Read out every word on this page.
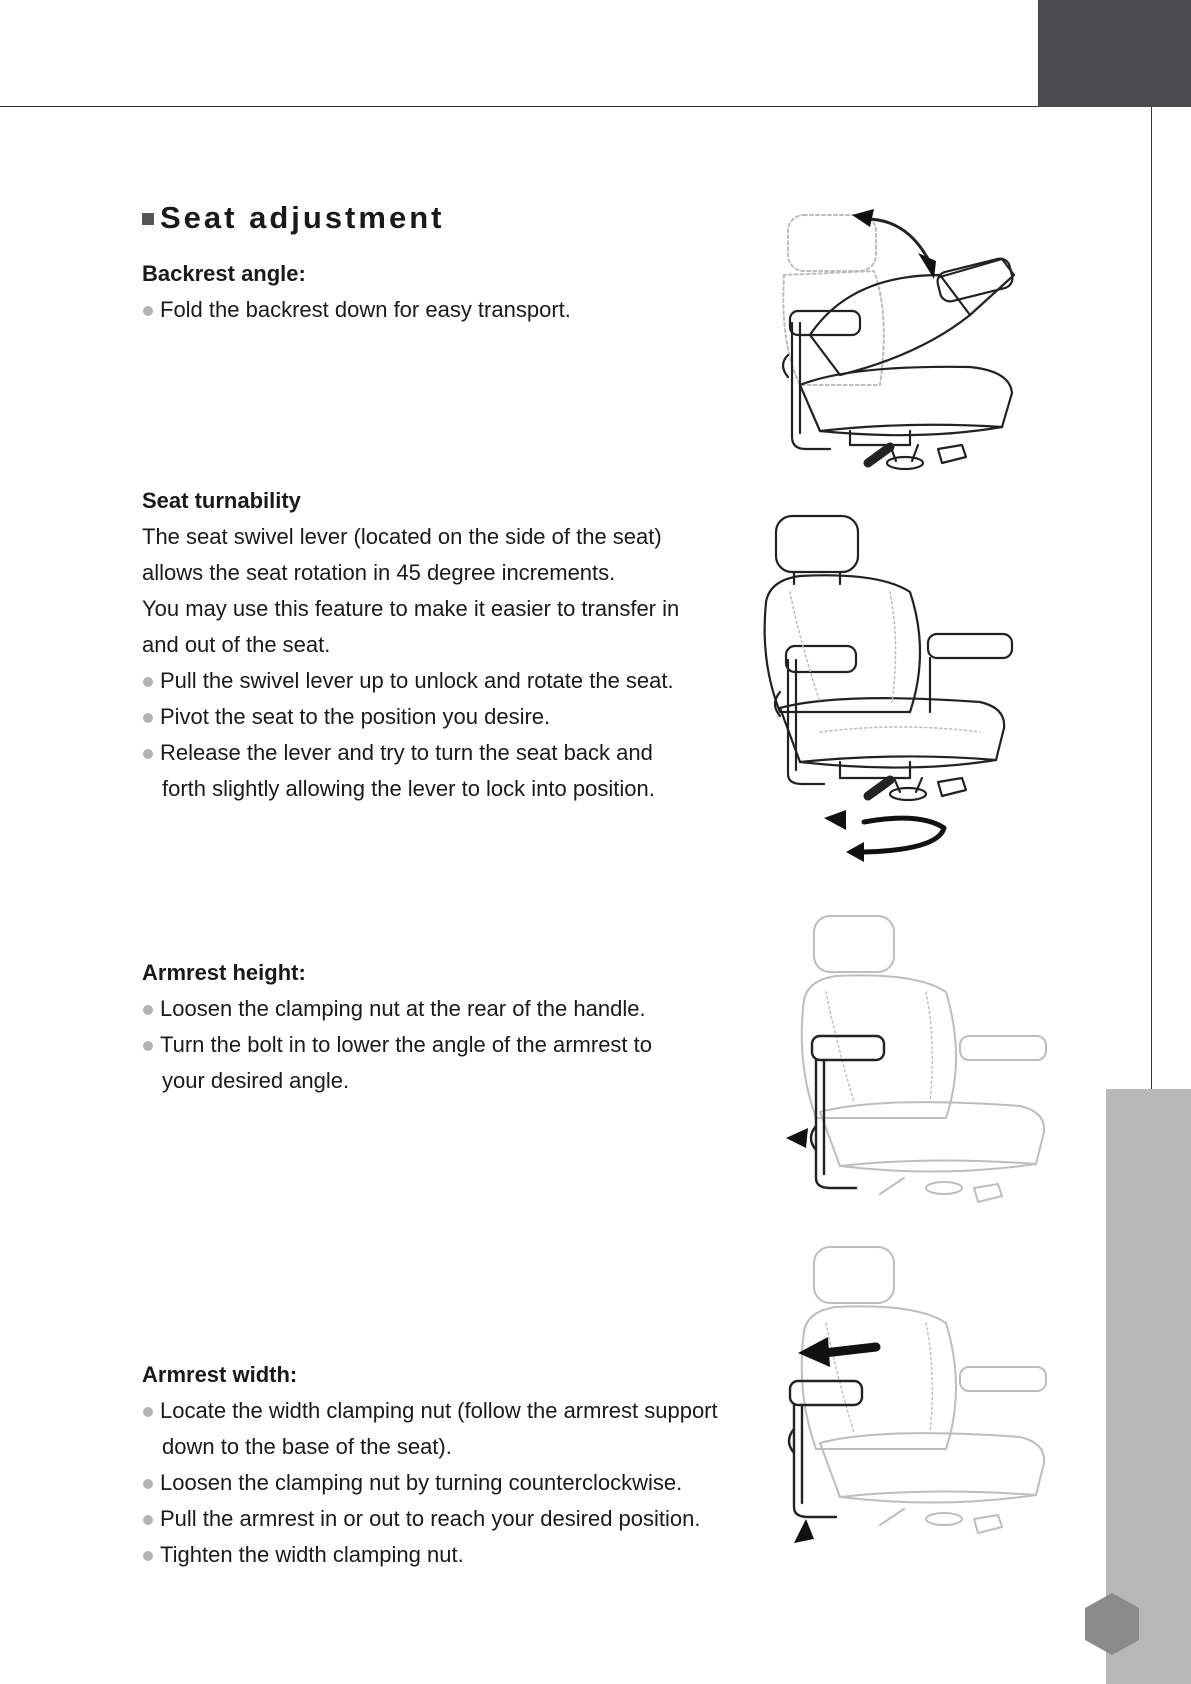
Seat adjustment
Backrest angle:

Fold the backrest down for easy transport.

Seat turnability

The seat swivel lever (located on the side of the seat)

allows the seat rotation in 45 degree increments.

You may use this feature to make it easier to transfer in

and out of the seat.

Pull the swivel lever up to unlock and rotate the seat.

Pivot the seat to the position you desire.

Release the lever and try to turn the seat back and

forth slightly allowing the lever to lock into position.

Armrest height:

Loosen the clamping nut at the rear of the handle.

Turn the bolt in to lower the angle of the armrest to

your desired angle.

Armrest width:

Locate the width clamping nut (follow the armrest support

down to the base of the seat).

Loosen the clamping nut by turning counterclockwise.

Pull the armrest in or out to reach your desired position.

Tighten the width clamping nut.
